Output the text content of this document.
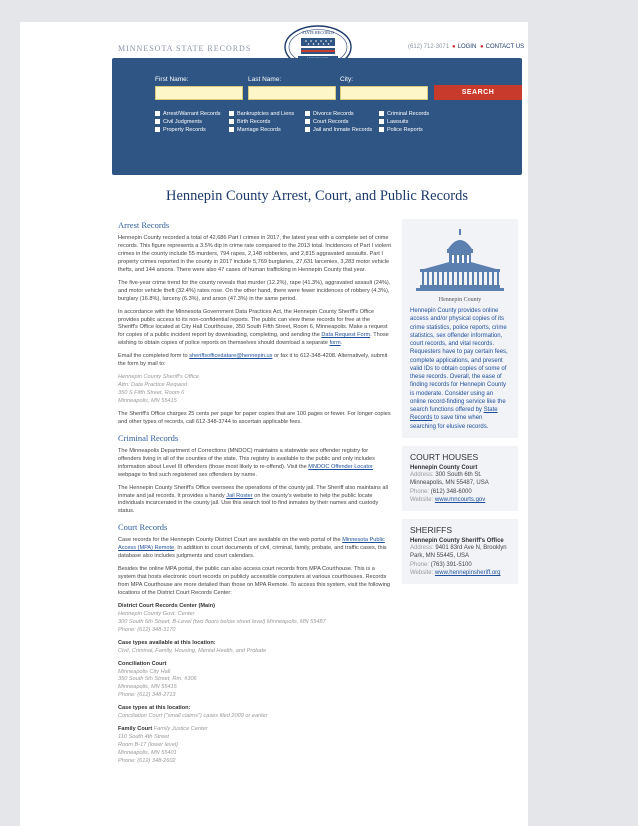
MINNESOTA STATE RECORDS
STATE RECORDS
(612) 712-3071 ● LOGIN ● CONTACT US
First Name:	Last Name:	City:
SEARCH
Arrest/Warrant Records	Bankruptcies and Liens	Divorce Records	Criminal Records
Civil Judgments	Birth Records	Court Records	Lawsuits
Property Records	Marriage Records	Jail and Inmate Records	Police Reports
Hennepin County Arrest, Court, and Public Records
Arrest Records

Hennepin County recorded a total of 42,686 Part I crimes in 2017, the latest year with a complete set of crime records. This figure represents a 3.5% dip in crime rate compared to the 2013 total. Incidences of Part I violent crimes in the county include 55 murders, 794 rapes, 2,148 robberies, and 2,815 aggravated assaults. Part I property crimes reported in the county in 2017 include 5,769 burglaries, 27,631 larcenies, 3,283 motor vehicle thefts, and 144 arsons. There were also 47 cases of human trafficking in Hennepin County that year.

The five-year crime trend for the county reveals that murder (12.2%), rape (41.3%), aggravated assault (24%), and motor vehicle theft (32.4%) rates rose. On the other hand, there were fewer incidences of robbery (4.3%), burglary (16.8%), larceny (6.3%), and arson (47.3%) in the same period.

In accordance with the Minnesota Government Data Practices Act, the Hennepin County Sheriff's Office provides public access to its non-confidential reports. The public can view these records for free at the Sheriff's Office located at City Hall Courthouse, 350 South Fifth Street, Room 6, Minneapolis. Make a request for copies of a public incident report by downloading, completing, and sending the Data Request Form. Those wishing to obtain copies of police reports on themselves should download a separate form.

Email the completed form to sheriffsofficedatare@hennepin.us or fax it to 612-348-4208. Alternatively, submit the form by mail to:

Hennepin County Sheriff's Office
Attn: Data Practice Request
350 S Fifth Street, Room 6
Minneapolis, MN 55415

The Sheriff's Office charges 25 cents per page for paper copies that are 100 pages or fewer. For longer copies and other types of records, call 612-348-3744 to ascertain applicable fees.

Criminal Records

The Minneapolis Department of Corrections (MNDOC) maintains a statewide sex offender registry for offenders living in all of the counties of the state. This registry is available to the public and only includes information about Level III offenders (those most likely to re-offend). Visit the MNDOC Offender Locator webpage to find such registered sex offenders by name.

The Hennepin County Sheriff's Office oversees the operations of the county jail. The Sheriff also maintains all inmate and jail records. It provides a handy Jail Roster on the county's website to help the public locate individuals incarcerated in the county jail. Use this search tool to find inmates by their names and custody status.

Court Records

Case records for the Hennepin County District Court are available on the web portal of the Minnesota Public Access (MPA) Remote. In addition to court documents of civil, criminal, family, probate, and traffic cases, this database also includes judgments and court calendars.

Besides the online MPA portal, the public can also access court records from MPA Courthouse. This is a system that hosts electronic court records on publicly accessible computers at various courthouses. Records from MPA Courthouse are more detailed than those on MPA Remote. To access this system, visit the following locations of the District Court Records Center:

District Court Records Center (Main)

Hennepin County Govt. Center
300 South 6th Street, B-Level (two floors below street level) Minneapolis, MN 55487
Phone: (612) 348-3170

Case types available at this location:

Civil, Criminal, Family, Housing, Mental Health, and Probate

Conciliation Court

Minneapolis City Hall
350 South 5th Street, Rm. #306
Minneapolis, MN 55415
Phone: (612) 348-2713

Case types at this location:

Conciliation Court ("small claims") cases filed 2009 or earlier

Family Court Family Justice Center

110 South 4th Street
Room B-17 (lower level)
Minneapolis, MN 55401
Phone: (612) 348-2602

Hennepin County
Hennepin County provides online access and/or physical copies of its crime statistics, police reports, crime statistics, sex offender information, court records, and vital records. Requesters have to pay certain fees, complete applications, and present valid IDs to obtain copies of some of these records. Overall, the ease of finding records for Hennepin County is moderate. Consider using an online record-finding service like the search functions offered by State Records to save time when searching for elusive records.
COURT HOUSES
Hennepin County Court
Address: 300 South 6th St. Minneapolis, MN 55487, USA
Phone: (612) 348-6000
Website: www.mncourts.gov
SHERIFFS
Hennepin County Sheriff's Office
Address: 9401 83rd Ave N, Brooklyn Park, MN 55445, USA
Phone: (763) 391-5100
Website: www.hennepinsheriff.org
